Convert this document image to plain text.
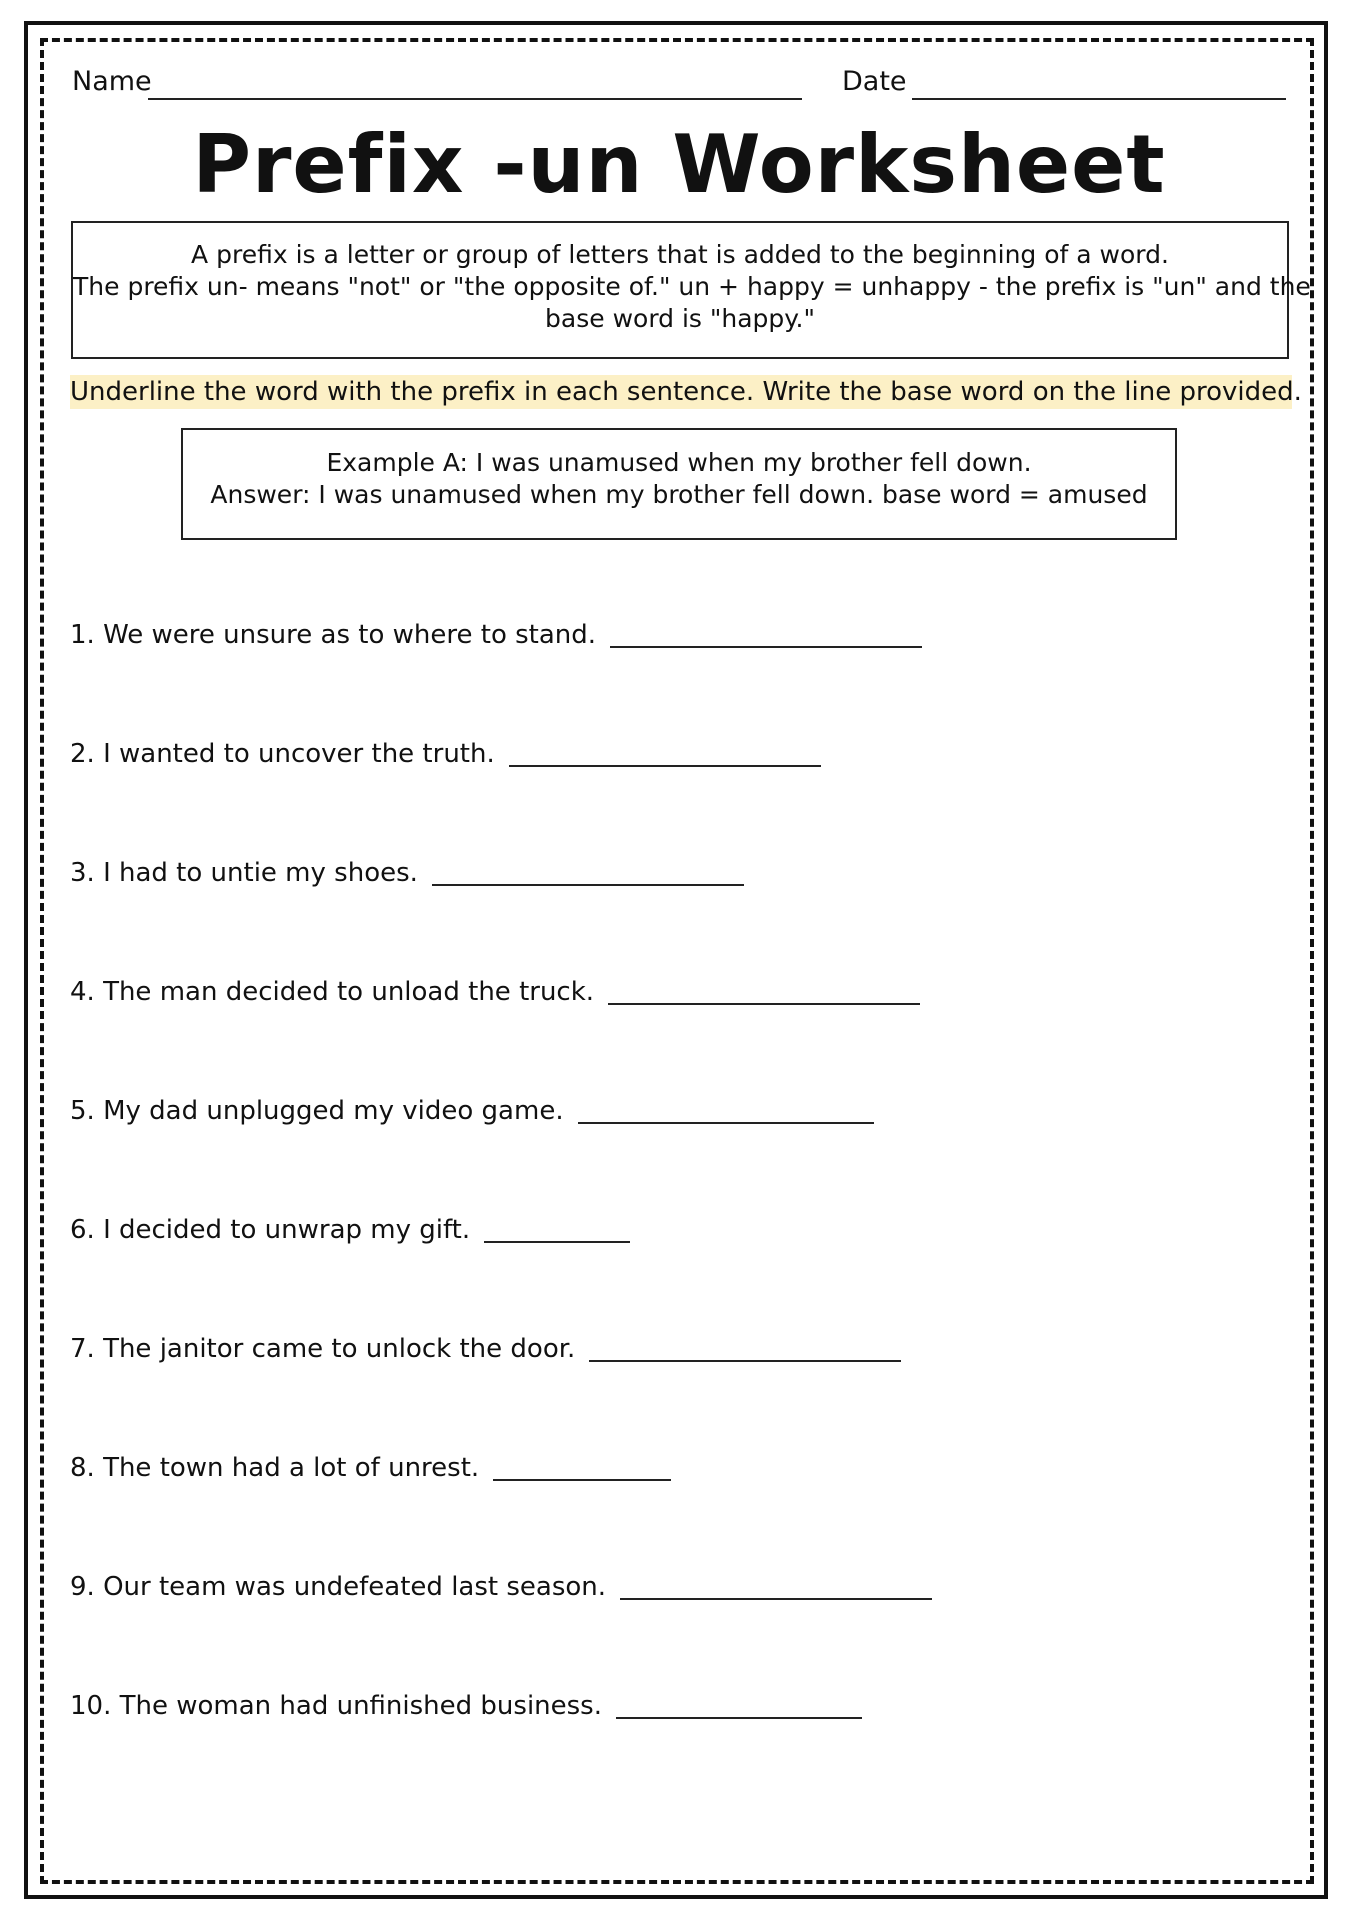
Name	Date
Prefix -un Worksheet
A prefix is a letter or group of letters that is added to the beginning of a word.
The prefix un- means "not" or "the opposite of." un + happy = unhappy - the prefix is "un" and the
base word is "happy."
Underline the word with the prefix in each sentence. Write the base word on the line provided.
Example A: I was unamused when my brother fell down.
Answer: I was unamused when my brother fell down. base word = amused
1. We were unsure as to where to stand.
2. I wanted to uncover the truth.
3. I had to untie my shoes.
4. The man decided to unload the truck.
5. My dad unplugged my video game.
6. I decided to unwrap my gift.
7. The janitor came to unlock the door.
8. The town had a lot of unrest.
9. Our team was undefeated last season.
10. The woman had unfinished business.
